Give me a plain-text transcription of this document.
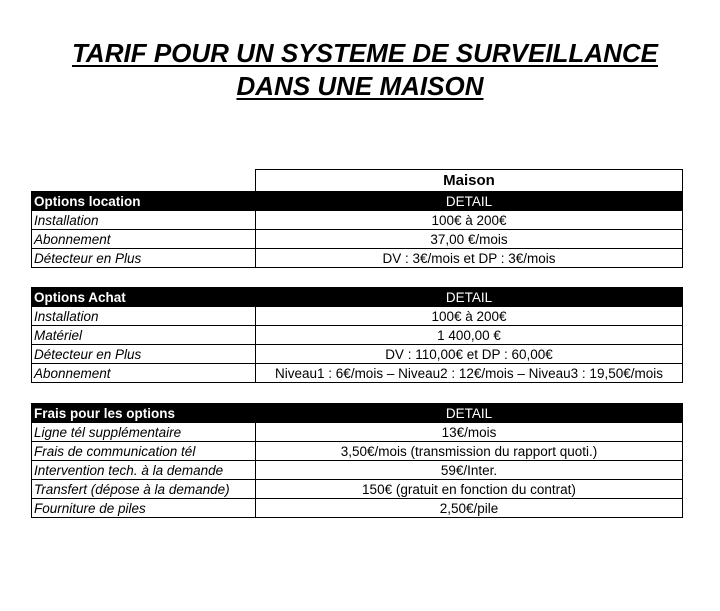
TARIF POUR UN SYSTEME DE SURVEILLANCE
DANS UNE MAISON
	Maison
Options location	DETAIL
Installation	100€ à 200€
Abonnement	37,00 €/mois
Détecteur en Plus	DV : 3€/mois et DP : 3€/mois
Options Achat	DETAIL
Installation	100€ à 200€
Matériel	1 400,00 €
Détecteur en Plus	DV : 110,00€ et DP : 60,00€
Abonnement	Niveau1 : 6€/mois – Niveau2 : 12€/mois – Niveau3 : 19,50€/mois
Frais pour les options	DETAIL
Ligne tél supplémentaire	13€/mois
Frais de communication tél	3,50€/mois (transmission du rapport quoti.)
Intervention tech. à la demande	59€/Inter.
Transfert (dépose à la demande)	150€ (gratuit en fonction du contrat)
Fourniture de piles	2,50€/pile
